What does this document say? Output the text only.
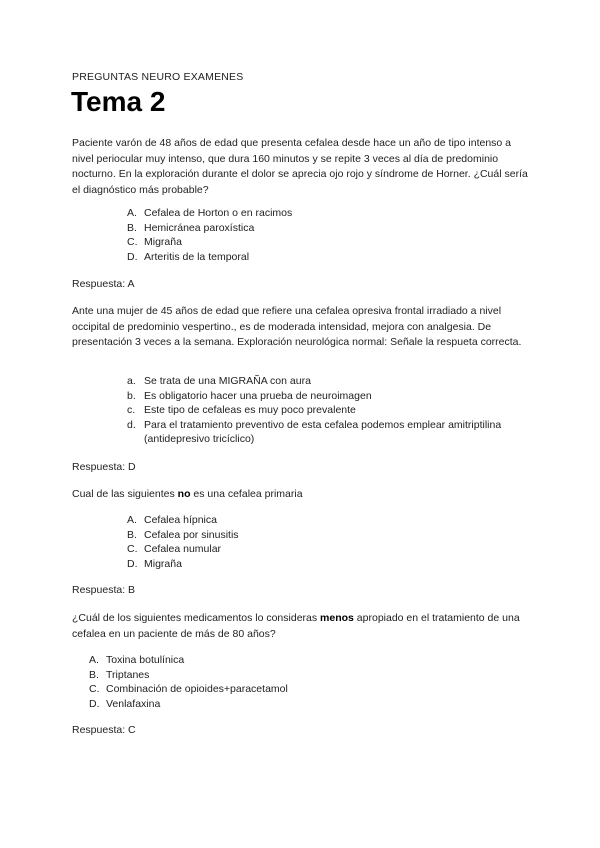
PREGUNTAS NEURO EXAMENES
Tema 2

Paciente varón de 48 años de edad que presenta cefalea desde hace un año de tipo intenso a nivel periocular muy intenso, que dura 160 minutos y se repite 3 veces al día de predominio nocturno. En la exploración durante el dolor se aprecia ojo rojo y síndrome de Horner. ¿Cuál sería el diagnóstico más probable?

A. Cefalea de Horton o en racimos
B. Hemicránea paroxística
C. Migraña
D. Arteritis de la temporal
Respuesta: A

Ante una mujer de 45 años de edad que refiere una cefalea opresiva frontal irradiado a nivel occipital de predominio vespertino., es de moderada intensidad, mejora con analgesia. De presentación 3 veces a la semana. Exploración neurológica normal: Señale la respueta correcta.

a. Se trata de una MIGRAÑA con aura
b. Es obligatorio hacer una prueba de neuroimagen
c. Este tipo de cefaleas es muy poco prevalente
d. Para el tratamiento preventivo de esta cefalea podemos emplear amitriptilina (antidepresivo tricíclico)
Respuesta: D

Cual de las siguientes no es una cefalea primaria

A. Cefalea hípnica
B. Cefalea por sinusitis
C. Cefalea numular
D. Migraña
Respuesta: B

¿Cuál de los siguientes medicamentos lo consideras menos apropiado en el tratamiento de una cefalea en un paciente de más de 80 años?

A. Toxina botulínica
B. Triptanes
C. Combinación de opioides+paracetamol
D. Venlafaxina
Respuesta: C
